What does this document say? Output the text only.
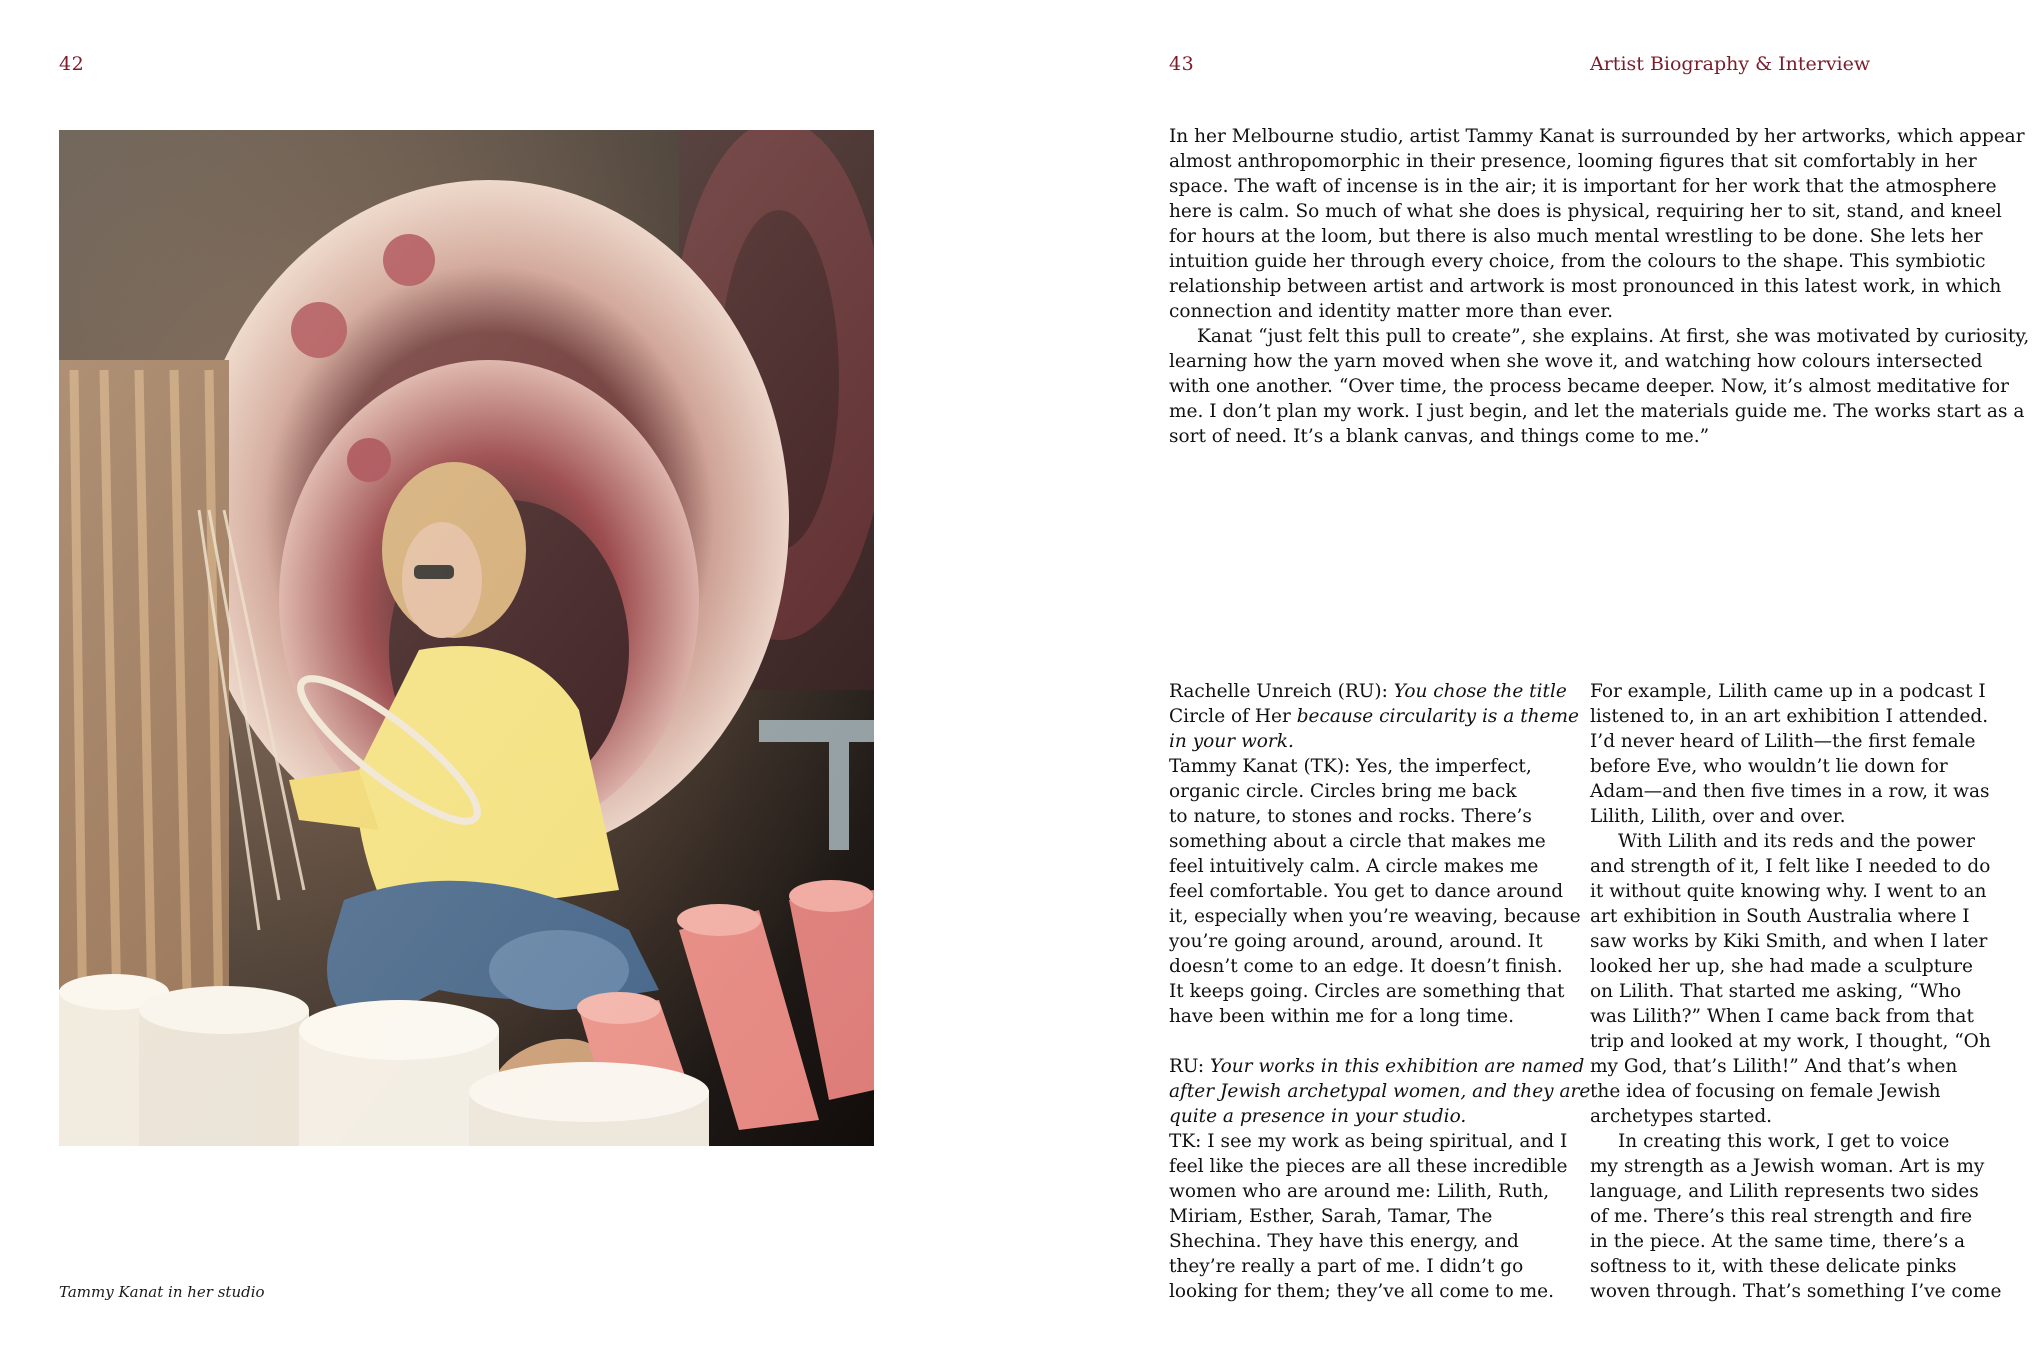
42
Tammy Kanat in her studio
43	Artist Biography & Interview
In her Melbourne studio, artist Tammy Kanat is surrounded by her artworks, which appear
almost anthropomorphic in their presence, looming figures that sit comfortably in her
space. The waft of incense is in the air; it is important for her work that the atmosphere
here is calm. So much of what she does is physical, requiring her to sit, stand, and kneel
for hours at the loom, but there is also much mental wrestling to be done. She lets her
intuition guide her through every choice, from the colours to the shape. This symbiotic
relationship between artist and artwork is most pronounced in this latest work, in which
connection and identity matter more than ever.
Kanat “just felt this pull to create”, she explains. At first, she was motivated by curiosity,
learning how the yarn moved when she wove it, and watching how colours intersected
with one another. “Over time, the process became deeper. Now, it’s almost meditative for
me. I don’t plan my work. I just begin, and let the materials guide me. The works start as a
sort of need. It’s a blank canvas, and things come to me.”
Rachelle Unreich (RU): You chose the title
Circle of Her because circularity is a theme
in your work.
Tammy Kanat (TK): Yes, the imperfect,
organic circle. Circles bring me back
to nature, to stones and rocks. There’s
something about a circle that makes me
feel intuitively calm. A circle makes me
feel comfortable. You get to dance around
it, especially when you’re weaving, because
you’re going around, around, around. It
doesn’t come to an edge. It doesn’t finish.
It keeps going. Circles are something that
have been within me for a long time.
RU: Your works in this exhibition are named
after Jewish archetypal women, and they are
quite a presence in your studio.
TK: I see my work as being spiritual, and I
feel like the pieces are all these incredible
women who are around me: Lilith, Ruth,
Miriam, Esther, Sarah, Tamar, The
Shechina. They have this energy, and
they’re really a part of me. I didn’t go
looking for them; they’ve all come to me.
For example, Lilith came up in a podcast I
listened to, in an art exhibition I attended.
I’d never heard of Lilith—the first female
before Eve, who wouldn’t lie down for
Adam—and then five times in a row, it was
Lilith, Lilith, over and over.
With Lilith and its reds and the power
and strength of it, I felt like I needed to do
it without quite knowing why. I went to an
art exhibition in South Australia where I
saw works by Kiki Smith, and when I later
looked her up, she had made a sculpture
on Lilith. That started me asking, “Who
was Lilith?” When I came back from that
trip and looked at my work, I thought, “Oh
my God, that’s Lilith!” And that’s when
the idea of focusing on female Jewish
archetypes started.
In creating this work, I get to voice
my strength as a Jewish woman. Art is my
language, and Lilith represents two sides
of me. There’s this real strength and fire
in the piece. At the same time, there’s a
softness to it, with these delicate pinks
woven through. That’s something I’ve come
